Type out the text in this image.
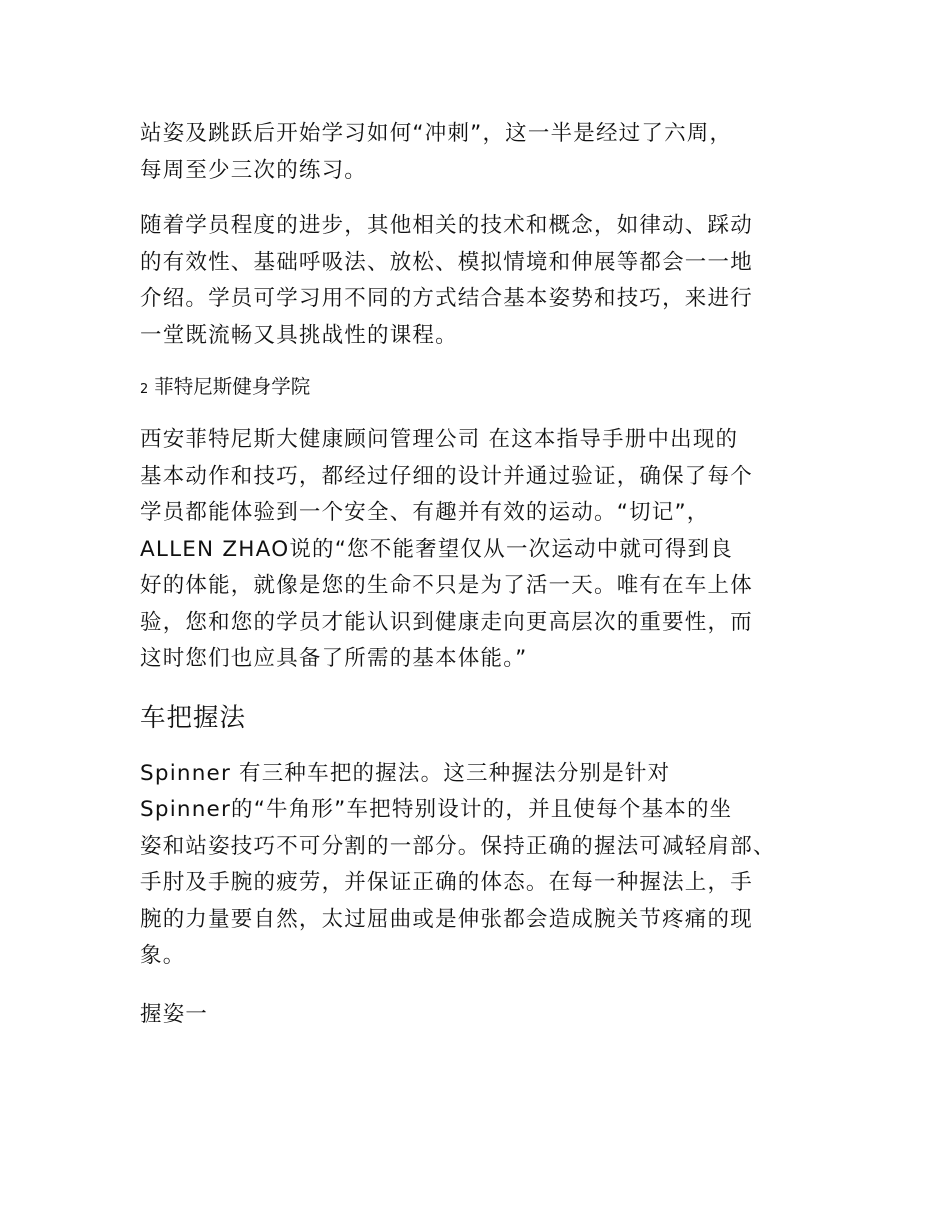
站姿及跳跃后开始学习如何“冲刺”，这一半是经过了六周，
每周至少三次的练习。

随着学员程度的进步，其他相关的技术和概念，如律动、踩动
的有效性、基础呼吸法、放松、模拟情境和伸展等都会一一地
介绍。学员可学习用不同的方式结合基本姿势和技巧，来进行
一堂既流畅又具挑战性的课程。

2 菲特尼斯健身学院

西安菲特尼斯大健康顾问管理公司 在这本指导手册中出现的
基本动作和技巧，都经过仔细的设计并通过验证，确保了每个
学员都能体验到一个安全、有趣并有效的运动。“切记”，
ALLEN ZHAO说的“您不能奢望仅从一次运动中就可得到良
好的体能，就像是您的生命不只是为了活一天。唯有在车上体
验，您和您的学员才能认识到健康走向更高层次的重要性，而
这时您们也应具备了所需的基本体能。”

车把握法

Spinner 有三种车把的握法。这三种握法分别是针对
Spinner的“牛角形”车把特别设计的，并且使每个基本的坐
姿和站姿技巧不可分割的一部分。保持正确的握法可减轻肩部、
手肘及手腕的疲劳，并保证正确的体态。在每一种握法上，手
腕的力量要自然，太过屈曲或是伸张都会造成腕关节疼痛的现
象。

握姿一
